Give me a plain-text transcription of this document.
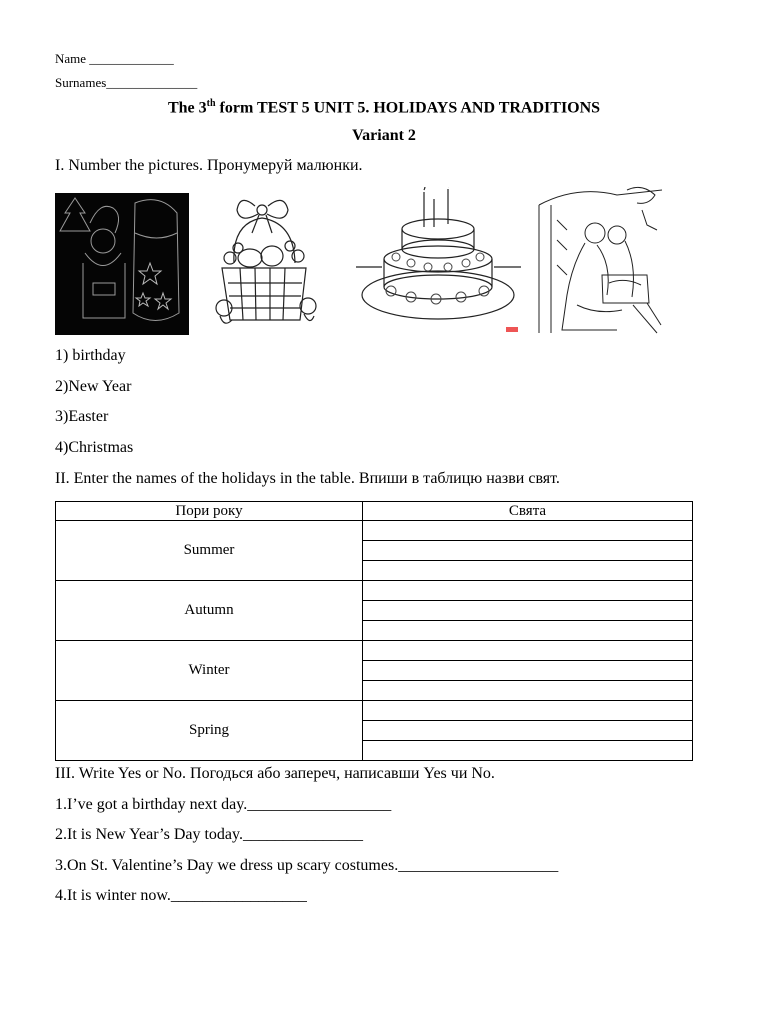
Name _____________
Surnames______________
The 3th form TEST 5 UNIT 5. HOLIDAYS AND TRADITIONS
Variant 2
I. Number the pictures. Пронумеруй малюнки.
1) birthday
2)New Year
3)Easter
4)Christmas
II. Enter the names of the holidays in the table. Впиши в таблицю назви свят.
Пори року	Свята
Summer	

Autumn	

Winter	

Spring	

III. Write Yes or No. Погодься або запереч, написавши Yes чи No.
1.I’ve got a birthday next day.__________________
2.It is New Year’s Day today._______________
3.On St. Valentine’s Day we dress up scary costumes.____________________
4.It is winter now._________________
